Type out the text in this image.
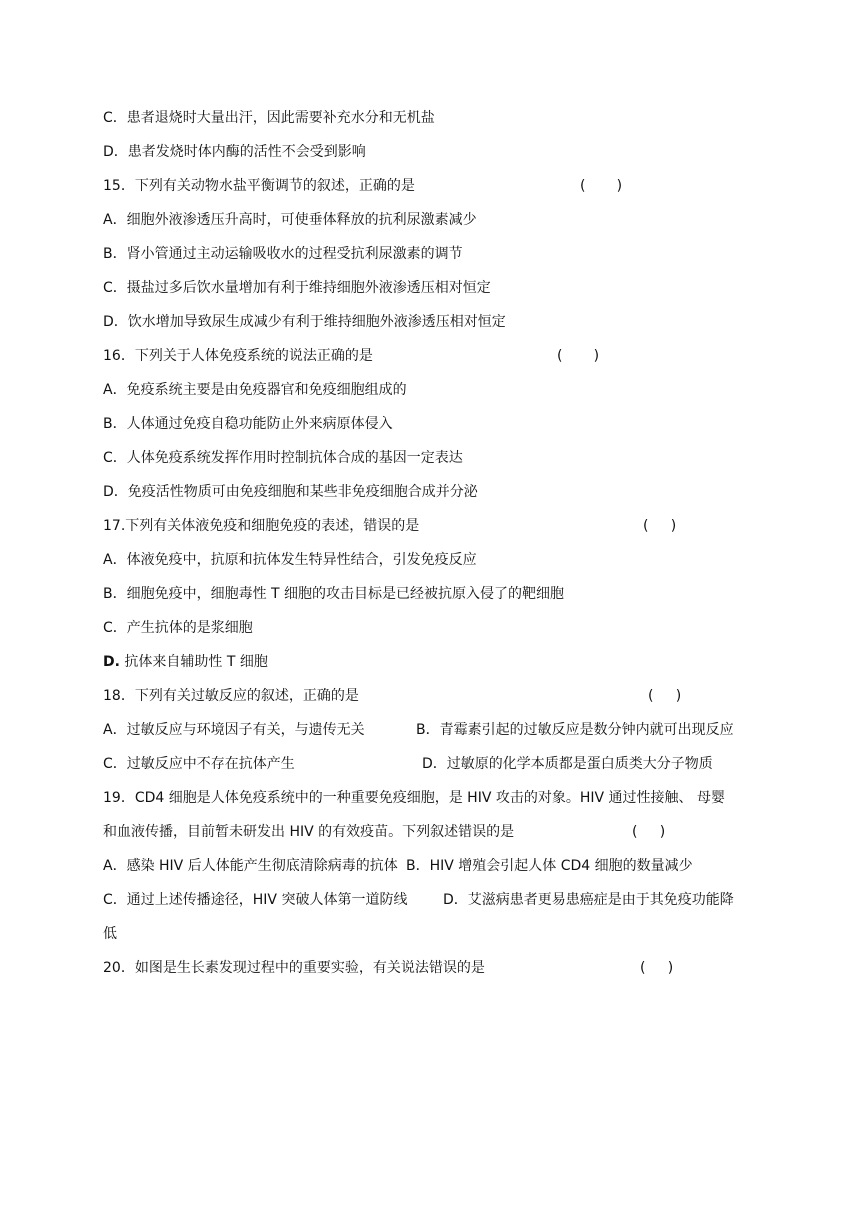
C．患者退烧时大量出汗，因此需要补充水分和无机盐
D．患者发烧时体内酶的活性不会受到影响
15．下列有关动物水盐平衡调节的叙述，正确的是	(       )
A．细胞外液渗透压升高时，可使垂体释放的抗利尿激素减少
B．肾小管通过主动运输吸收水的过程受抗利尿激素的调节
C．摄盐过多后饮水量增加有利于维持细胞外液渗透压相对恒定
D．饮水增加导致尿生成减少有利于维持细胞外液渗透压相对恒定
16．下列关于人体免疫系统的说法正确的是	(       )
A．免疫系统主要是由免疫器官和免疫细胞组成的
B．人体通过免疫自稳功能防止外来病原体侵入
C．人体免疫系统发挥作用时控制抗体合成的基因一定表达
D．免疫活性物质可由免疫细胞和某些非免疫细胞合成并分泌
17.下列有关体液免疫和细胞免疫的表述，错误的是	(     )
A．体液免疫中，抗原和抗体发生特异性结合，引发免疫反应
B．细胞免疫中，细胞毒性 T 细胞的攻击目标是已经被抗原入侵了的靶细胞
C．产生抗体的是浆细胞
D. 抗体来自辅助性 T 细胞
18．下列有关过敏反应的叙述，正确的是	(     )
A．过敏反应与环境因子有关，与遗传无关	B．青霉素引起的过敏反应是数分钟内就可出现反应
C．过敏反应中不存在抗体产生	D．过敏原的化学本质都是蛋白质类大分子物质
19．CD4 细胞是人体免疫系统中的一种重要免疫细胞，是 HIV 攻击的对象。HIV 通过性接触、 母婴
和血液传播，目前暂未研发出 HIV 的有效疫苗。下列叙述错误的是	(     )
A．感染 HIV 后人体能产生彻底清除病毒的抗体 B．HIV 增殖会引起人体 CD4 细胞的数量减少
C．通过上述传播途径，HIV 突破人体第一道防线	D．艾滋病患者更易患癌症是由于其免疫功能降
低
20．如图是生长素发现过程中的重要实验，有关说法错误的是	(     )
